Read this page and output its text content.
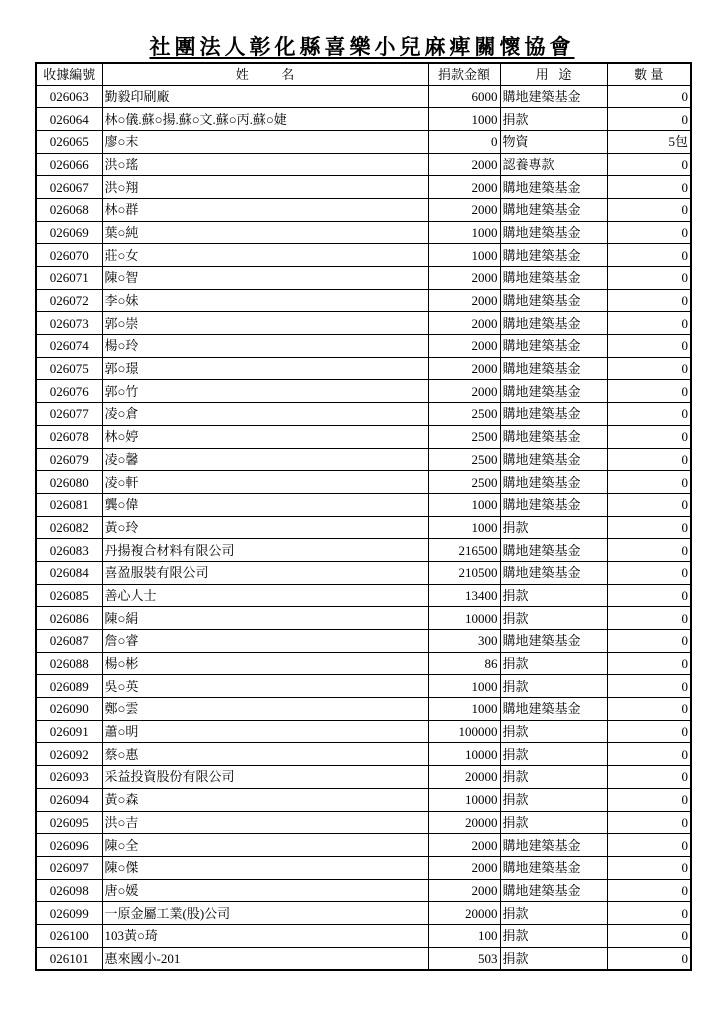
社團法人彰化縣喜樂小兒麻痺關懷協會
收據編號	姓          名	捐款金額	用   途	數 量
026063	勤毅印刷廠	6000	購地建築基金	0
026064	林○儀.蘇○揚.蘇○文.蘇○丙.蘇○婕	1000	捐款	0
026065	廖○末	0	物資	5包
026066	洪○瑤	2000	認養專款	0
026067	洪○翔	2000	購地建築基金	0
026068	林○群	2000	購地建築基金	0
026069	葉○純	1000	購地建築基金	0
026070	莊○女	1000	購地建築基金	0
026071	陳○智	2000	購地建築基金	0
026072	李○妹	2000	購地建築基金	0
026073	郭○崇	2000	購地建築基金	0
026074	楊○玲	2000	購地建築基金	0
026075	郭○璟	2000	購地建築基金	0
026076	郭○竹	2000	購地建築基金	0
026077	凌○倉	2500	購地建築基金	0
026078	林○婷	2500	購地建築基金	0
026079	凌○馨	2500	購地建築基金	0
026080	凌○軒	2500	購地建築基金	0
026081	龔○偉	1000	購地建築基金	0
026082	黃○玲	1000	捐款	0
026083	丹揚複合材料有限公司	216500	購地建築基金	0
026084	喜盈服裝有限公司	210500	購地建築基金	0
026085	善心人士	13400	捐款	0
026086	陳○絹	10000	捐款	0
026087	詹○睿	300	購地建築基金	0
026088	楊○彬	86	捐款	0
026089	吳○英	1000	捐款	0
026090	鄭○雲	1000	購地建築基金	0
026091	蕭○明	100000	捐款	0
026092	蔡○惠	10000	捐款	0
026093	采益投資股份有限公司	20000	捐款	0
026094	黃○森	10000	捐款	0
026095	洪○吉	20000	捐款	0
026096	陳○全	2000	購地建築基金	0
026097	陳○傑	2000	購地建築基金	0
026098	唐○媛	2000	購地建築基金	0
026099	一原金屬工業(股)公司	20000	捐款	0
026100	103黃○琦	100	捐款	0
026101	惠來國小-201	503	捐款	0
